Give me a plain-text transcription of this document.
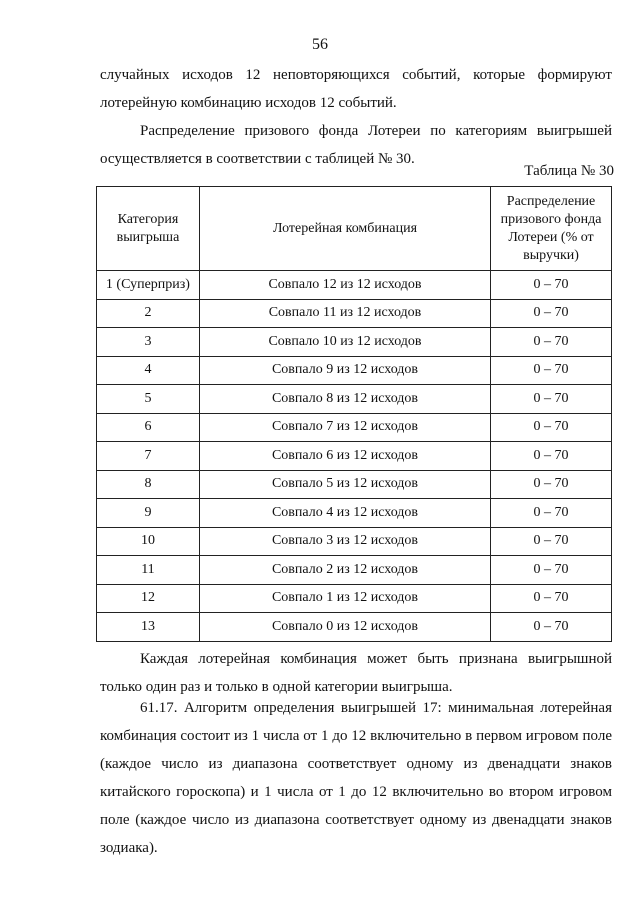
56
случайных исходов 12 неповторяющихся событий, которые формируют
лотерейную комбинацию исходов 12 событий.

Распределение призового фонда Лотереи по категориям выигрышей осуществляется в соответствии с таблицей № 30.

Таблица № 30
Категория выигрыша	Лотерейная комбинация	Распределение призового фонда Лотереи (% от выручки)
1 (Суперприз)	Совпало 12 из 12 исходов	0 – 70
2	Совпало 11 из 12 исходов	0 – 70
3	Совпало 10 из 12 исходов	0 – 70
4	Совпало 9 из 12 исходов	0 – 70
5	Совпало 8 из 12 исходов	0 – 70
6	Совпало 7 из 12 исходов	0 – 70
7	Совпало 6 из 12 исходов	0 – 70
8	Совпало 5 из 12 исходов	0 – 70
9	Совпало 4 из 12 исходов	0 – 70
10	Совпало 3 из 12 исходов	0 – 70
11	Совпало 2 из 12 исходов	0 – 70
12	Совпало 1 из 12 исходов	0 – 70
13	Совпало 0 из 12 исходов	0 – 70

Каждая лотерейная комбинация может быть признана выигрышной только один раз и только в одной категории выигрыша.

61.17. Алгоритм определения выигрышей 17: минимальная лотерейная комбинация состоит из 1 числа от 1 до 12 включительно в первом игровом поле (каждое число из диапазона соответствует одному из двенадцати знаков китайского гороскопа) и 1 числа от 1 до 12 включительно во втором игровом поле (каждое число из диапазона соответствует одному из двенадцати знаков зодиака).
